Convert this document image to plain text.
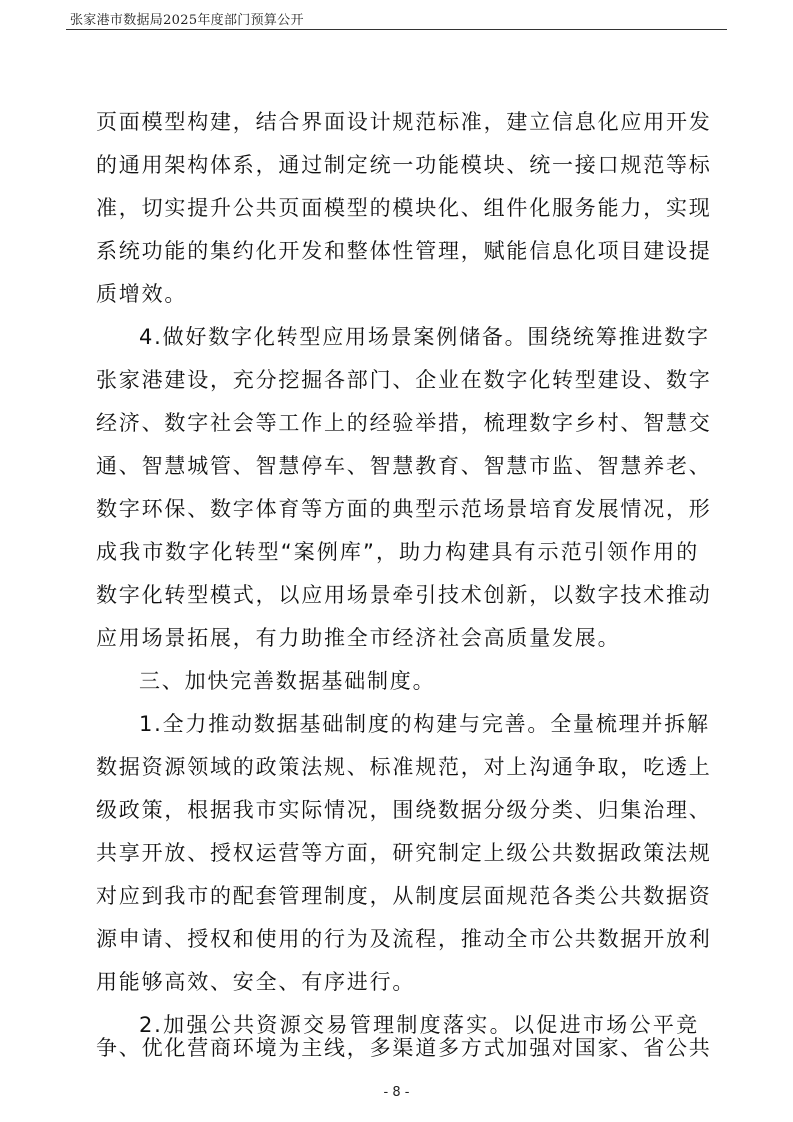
张家港市数据局2025年度部门预算公开
页面模型构建，结合界面设计规范标准，建立信息化应用开发
的通用架构体系，通过制定统一功能模块、统一接口规范等标
准，切实提升公共页面模型的模块化、组件化服务能力，实现
系统功能的集约化开发和整体性管理，赋能信息化项目建设提
质增效。
4.做好数字化转型应用场景案例储备。围绕统筹推进数字
张家港建设，充分挖掘各部门、企业在数字化转型建设、数字
经济、数字社会等工作上的经验举措，梳理数字乡村、智慧交
通、智慧城管、智慧停车、智慧教育、智慧市监、智慧养老、
数字环保、数字体育等方面的典型示范场景培育发展情况，形
成我市数字化转型“案例库”，助力构建具有示范引领作用的
数字化转型模式，以应用场景牵引技术创新，以数字技术推动
应用场景拓展，有力助推全市经济社会高质量发展。
三、加快完善数据基础制度。
1.全力推动数据基础制度的构建与完善。全量梳理并拆解
数据资源领域的政策法规、标准规范，对上沟通争取，吃透上
级政策，根据我市实际情况，围绕数据分级分类、归集治理、
共享开放、授权运营等方面，研究制定上级公共数据政策法规
对应到我市的配套管理制度，从制度层面规范各类公共数据资
源申请、授权和使用的行为及流程，推动全市公共数据开放利
用能够高效、安全、有序进行。
2.加强公共资源交易管理制度落实。以促进市场公平竞
争、优化营商环境为主线，多渠道多方式加强对国家、省公共
- 8 -
